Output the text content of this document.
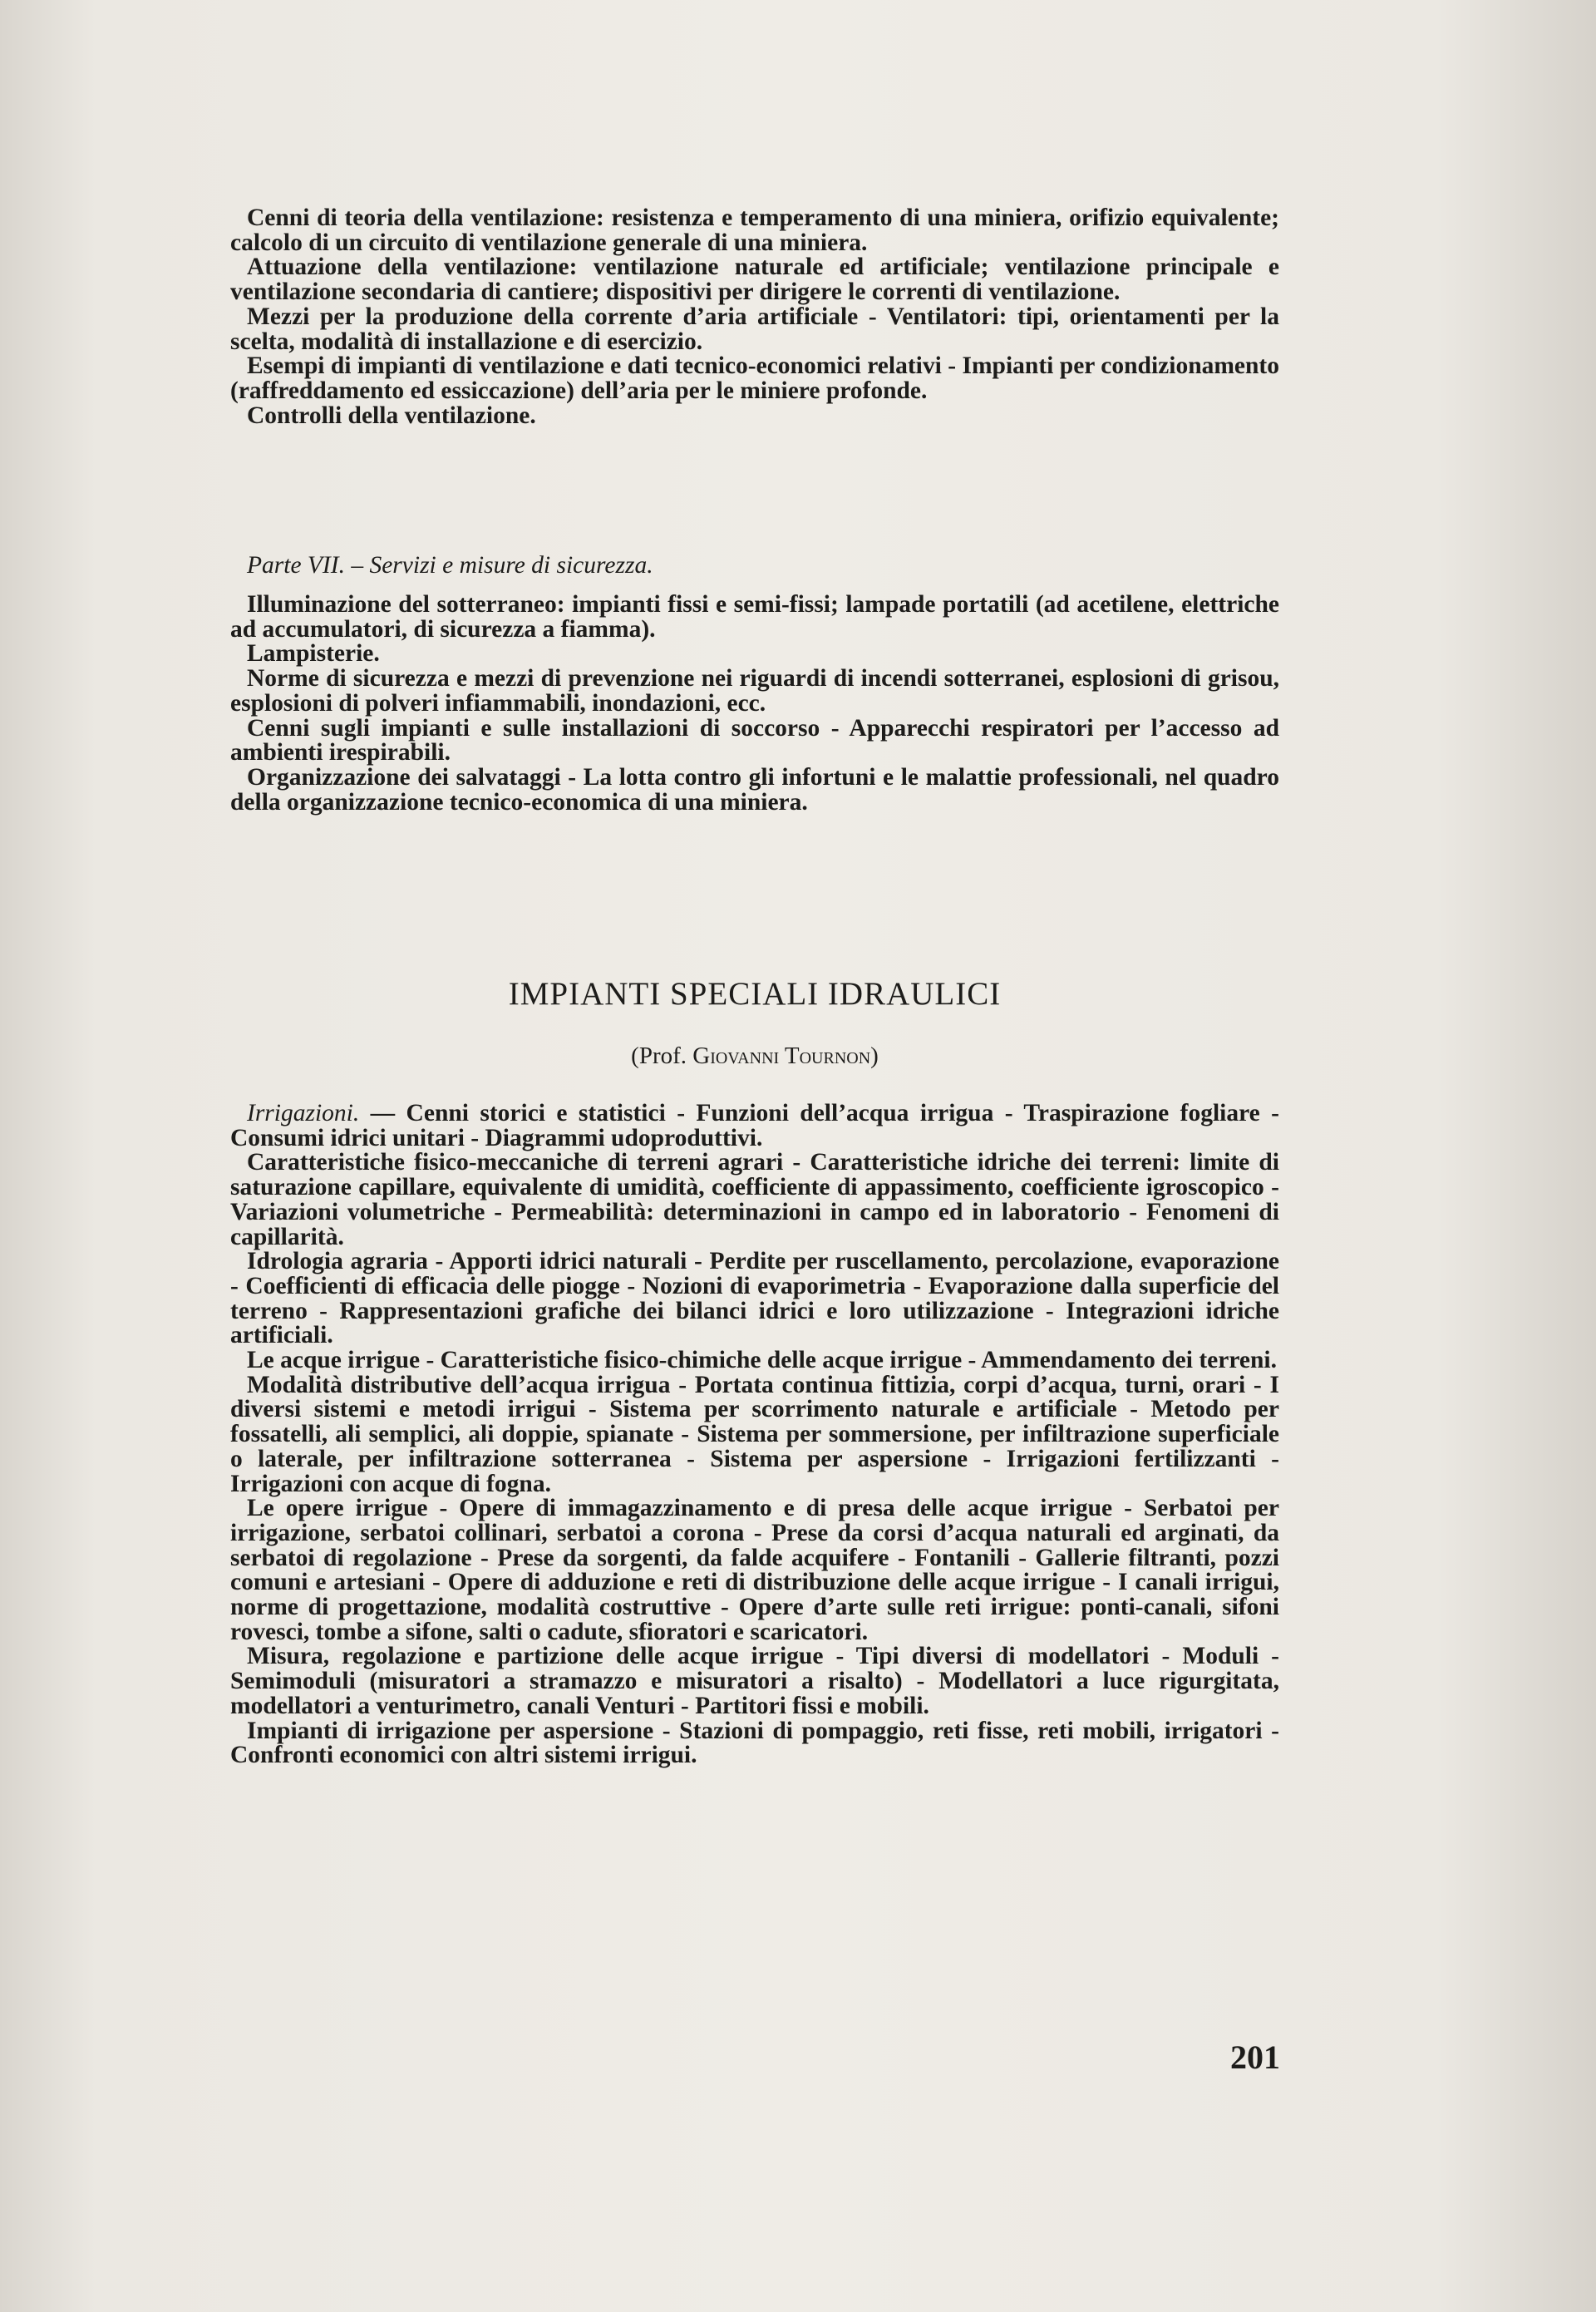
Cenni di teoria della ventilazione: resistenza e temperamento di una miniera, orifizio equivalente; calcolo di un circuito di ventilazione generale di una miniera.

Attuazione della ventilazione: ventilazione naturale ed artificiale; ventilazione principale e ventilazione secondaria di cantiere; dispositivi per dirigere le correnti di ventilazione.

Mezzi per la produzione della corrente d’aria artificiale - Ventilatori: tipi, orientamenti per la scelta, modalità di installazione e di esercizio.

Esempi di impianti di ventilazione e dati tecnico-economici relativi - Impianti per condizionamento (raffreddamento ed essiccazione) dell’aria per le miniere profonde.

Controlli della ventilazione.

Parte VII. – Servizi e misure di sicurezza.

Illuminazione del sotterraneo: impianti fissi e semi-fissi; lampade portatili (ad acetilene, elettriche ad accumulatori, di sicurezza a fiamma).

Lampisterie.

Norme di sicurezza e mezzi di prevenzione nei riguardi di incendi sotterranei, esplosioni di grisou, esplosioni di polveri infiammabili, inondazioni, ecc.

Cenni sugli impianti e sulle installazioni di soccorso - Apparecchi respiratori per l’accesso ad ambienti irespirabili.

Organizzazione dei salvataggi - La lotta contro gli infortuni e le malattie professionali, nel quadro della organizzazione tecnico-economica di una miniera.

IMPIANTI SPECIALI IDRAULICI
(Prof. Giovanni Tournon)

Irrigazioni. — Cenni storici e statistici - Funzioni dell’acqua irrigua - Traspirazione fogliare - Consumi idrici unitari - Diagrammi udoproduttivi.

Caratteristiche fisico-meccaniche di terreni agrari - Caratteristiche idriche dei terreni: limite di saturazione capillare, equivalente di umidità, coefficiente di appassimento, coefficiente igroscopico - Variazioni volumetriche - Permeabilità: determinazioni in campo ed in laboratorio - Fenomeni di capillarità.

Idrologia agraria - Apporti idrici naturali - Perdite per ruscellamento, percolazione, evaporazione - Coefficienti di efficacia delle piogge - Nozioni di evaporimetria - Evaporazione dalla superficie del terreno - Rappresentazioni grafiche dei bilanci idrici e loro utilizzazione - Integrazioni idriche artificiali.

Le acque irrigue - Caratteristiche fisico-chimiche delle acque irrigue - Ammendamento dei terreni.

Modalità distributive dell’acqua irrigua - Portata continua fittizia, corpi d’acqua, turni, orari - I diversi sistemi e metodi irrigui - Sistema per scorrimento naturale e artificiale - Metodo per fossatelli, ali semplici, ali doppie, spianate - Sistema per sommersione, per infiltrazione superficiale o laterale, per infiltrazione sotterranea - Sistema per aspersione - Irrigazioni fertilizzanti - Irrigazioni con acque di fogna.

Le opere irrigue - Opere di immagazzinamento e di presa delle acque irrigue - Serbatoi per irrigazione, serbatoi collinari, serbatoi a corona - Prese da corsi d’acqua naturali ed arginati, da serbatoi di regolazione - Prese da sorgenti, da falde acquifere - Fontanili - Gallerie filtranti, pozzi comuni e artesiani - Opere di adduzione e reti di distribuzione delle acque irrigue - I canali irrigui, norme di progettazione, modalità costruttive - Opere d’arte sulle reti irrigue: ponti-canali, sifoni rovesci, tombe a sifone, salti o cadute, sfioratori e scaricatori.

Misura, regolazione e partizione delle acque irrigue - Tipi diversi di modellatori - Moduli - Semimoduli (misuratori a stramazzo e misuratori a risalto) - Modellatori a luce rigurgitata, modellatori a venturimetro, canali Venturi - Partitori fissi e mobili.

Impianti di irrigazione per aspersione - Stazioni di pompaggio, reti fisse, reti mobili, irrigatori - Confronti economici con altri sistemi irrigui.

201
